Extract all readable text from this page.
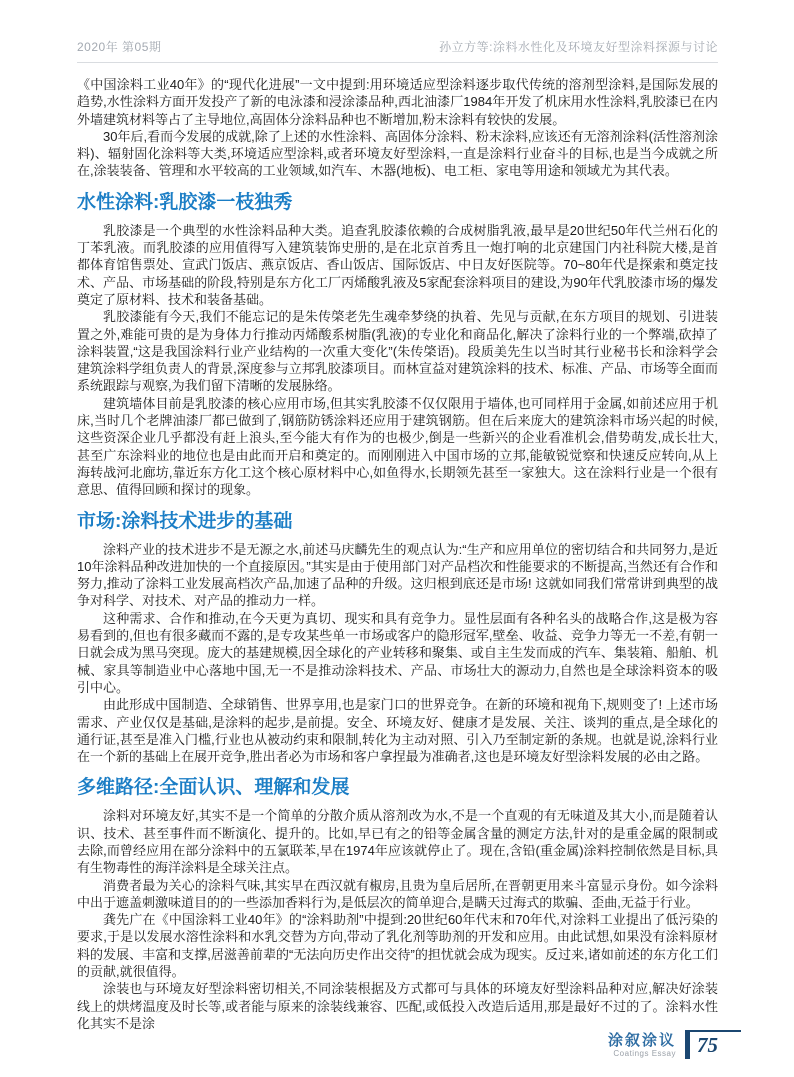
2020年 第05期	孙立方等:涂料水性化及环境友好型涂料探源与讨论

《中国涂料工业40年》的“现代化进展”一文中提到:用环境适应型涂料逐步取代传统的溶剂型涂料,是国际发展的趋势,水性涂料方面开发投产了新的电泳漆和浸涂漆品种,西北油漆厂1984年开发了机床用水性涂料,乳胶漆已在内外墙建筑材料等占了主导地位,高固体分涂料品种也不断增加,粉末涂料有较快的发展。

30年后,看而今发展的成就,除了上述的水性涂料、高固体分涂料、粉末涂料,应该还有无溶剂涂料(活性溶剂涂料)、辐射固化涂料等大类,环境适应型涂料,或者环境友好型涂料,一直是涂料行业奋斗的目标,也是当今成就之所在,涂装装备、管理和水平较高的工业领域,如汽车、木器(地板)、电工柜、家电等用途和领域尤为其代表。

水性涂料:乳胶漆一枝独秀

乳胶漆是一个典型的水性涂料品种大类。追查乳胶漆依赖的合成树脂乳液,最早是20世纪50年代兰州石化的丁苯乳液。而乳胶漆的应用值得写入建筑装饰史册的,是在北京首秀且一炮打响的北京建国门内社科院大楼,是首都体育馆售票处、宣武门饭店、燕京饭店、香山饭店、国际饭店、中日友好医院等。70~80年代是探索和奠定技术、产品、市场基础的阶段,特别是东方化工厂丙烯酸乳液及5家配套涂料项目的建设,为90年代乳胶漆市场的爆发奠定了原材料、技术和装备基础。

乳胶漆能有今天,我们不能忘记的是朱传棨老先生魂牵梦绕的执着、先见与贡献,在东方项目的规划、引进装置之外,难能可贵的是为身体力行推动丙烯酸系树脂(乳液)的专业化和商品化,解决了涂料行业的一个弊端,砍掉了涂料装置,“这是我国涂料行业产业结构的一次重大变化”(朱传棨语)。段质美先生以当时其行业秘书长和涂料学会建筑涂料学组负责人的背景,深度参与立邦乳胶漆项目。而林宣益对建筑涂料的技术、标准、产品、市场等全面而系统跟踪与观察,为我们留下清晰的发展脉络。

建筑墙体目前是乳胶漆的核心应用市场,但其实乳胶漆不仅仅限用于墙体,也可同样用于金属,如前述应用于机床,当时几个老牌油漆厂都已做到了,钢筋防锈涂料还应用于建筑钢筋。但在后来庞大的建筑涂料市场兴起的时候,这些资深企业几乎都没有赶上浪头,至今能大有作为的也极少,倒是一些新兴的企业看准机会,借势萌发,成长壮大,甚至广东涂料业的地位也是由此而开启和奠定的。而刚刚进入中国市场的立邦,能敏锐觉察和快速反应转向,从上海转战河北廊坊,靠近东方化工这个核心原材料中心,如鱼得水,长期领先甚至一家独大。这在涂料行业是一个很有意思、值得回顾和探讨的现象。

市场:涂料技术进步的基础

涂料产业的技术进步不是无源之水,前述马庆麟先生的观点认为:“生产和应用单位的密切结合和共同努力,是近10年涂料品种改进加快的一个直接原因。”其实是由于使用部门对产品档次和性能要求的不断提高,当然还有合作和努力,推动了涂料工业发展高档次产品,加速了品种的升级。这归根到底还是市场! 这就如同我们常常讲到典型的战争对科学、对技术、对产品的推动力一样。

这种需求、合作和推动,在今天更为真切、现实和具有竞争力。显性层面有各种名头的战略合作,这是极为容易看到的,但也有很多藏而不露的,是专攻某些单一市场或客户的隐形冠军,壁垒、收益、竞争力等无一不差,有朝一日就会成为黑马突现。庞大的基建规模,因全球化的产业转移和聚集、或自主生发而成的汽车、集装箱、船舶、机械、家具等制造业中心落地中国,无一不是推动涂料技术、产品、市场壮大的源动力,自然也是全球涂料资本的吸引中心。

由此形成中国制造、全球销售、世界享用,也是家门口的世界竞争。在新的环境和视角下,规则变了! 上述市场需求、产业仅仅是基础,是涂料的起步,是前提。安全、环境友好、健康才是发展、关注、谈判的重点,是全球化的通行证,甚至是准入门槛,行业也从被动约束和限制,转化为主动对照、引入乃至制定新的条规。也就是说,涂料行业在一个新的基础上在展开竞争,胜出者必为市场和客户拿捏最为准确者,这也是环境友好型涂料发展的必由之路。

多维路径:全面认识、理解和发展

涂料对环境友好,其实不是一个简单的分散介质从溶剂改为水,不是一个直观的有无味道及其大小,而是随着认识、技术、甚至事件而不断演化、提升的。比如,早已有之的铅等金属含量的测定方法,针对的是重金属的限制或去除,而曾经应用在部分涂料中的五氯联苯,早在1974年应该就停止了。现在,含铅(重金属)涂料控制依然是目标,具有生物毒性的海洋涂料是全球关注点。

消费者最为关心的涂料气味,其实早在西汉就有椒房,且贵为皇后居所,在晋朝更用来斗富显示身份。如今涂料中出于遮盖刺激味道目的的一些添加香料行为,是低层次的简单迎合,是瞒天过海式的欺骗、歪曲,无益于行业。

龚先广在《中国涂料工业40年》的“涂料助剂”中提到:20世纪60年代末和70年代,对涂料工业提出了低污染的要求,于是以发展水溶性涂料和水乳交替为方向,带动了乳化剂等助剂的开发和应用。由此试想,如果没有涂料原材料的发展、丰富和支撑,居滋善前辈的“无法向历史作出交待”的担忧就会成为现实。反过来,诸如前述的东方化工们的贡献,就很值得。

涂装也与环境友好型涂料密切相关,不同涂装根据及方式都可与具体的环境友好型涂料品种对应,解决好涂装线上的烘烤温度及时长等,或者能与原来的涂装线兼容、匹配,或低投入改造后适用,那是最好不过的了。涂料水性化其实不是涂

涂叙涂议
Coatings Essay	75
